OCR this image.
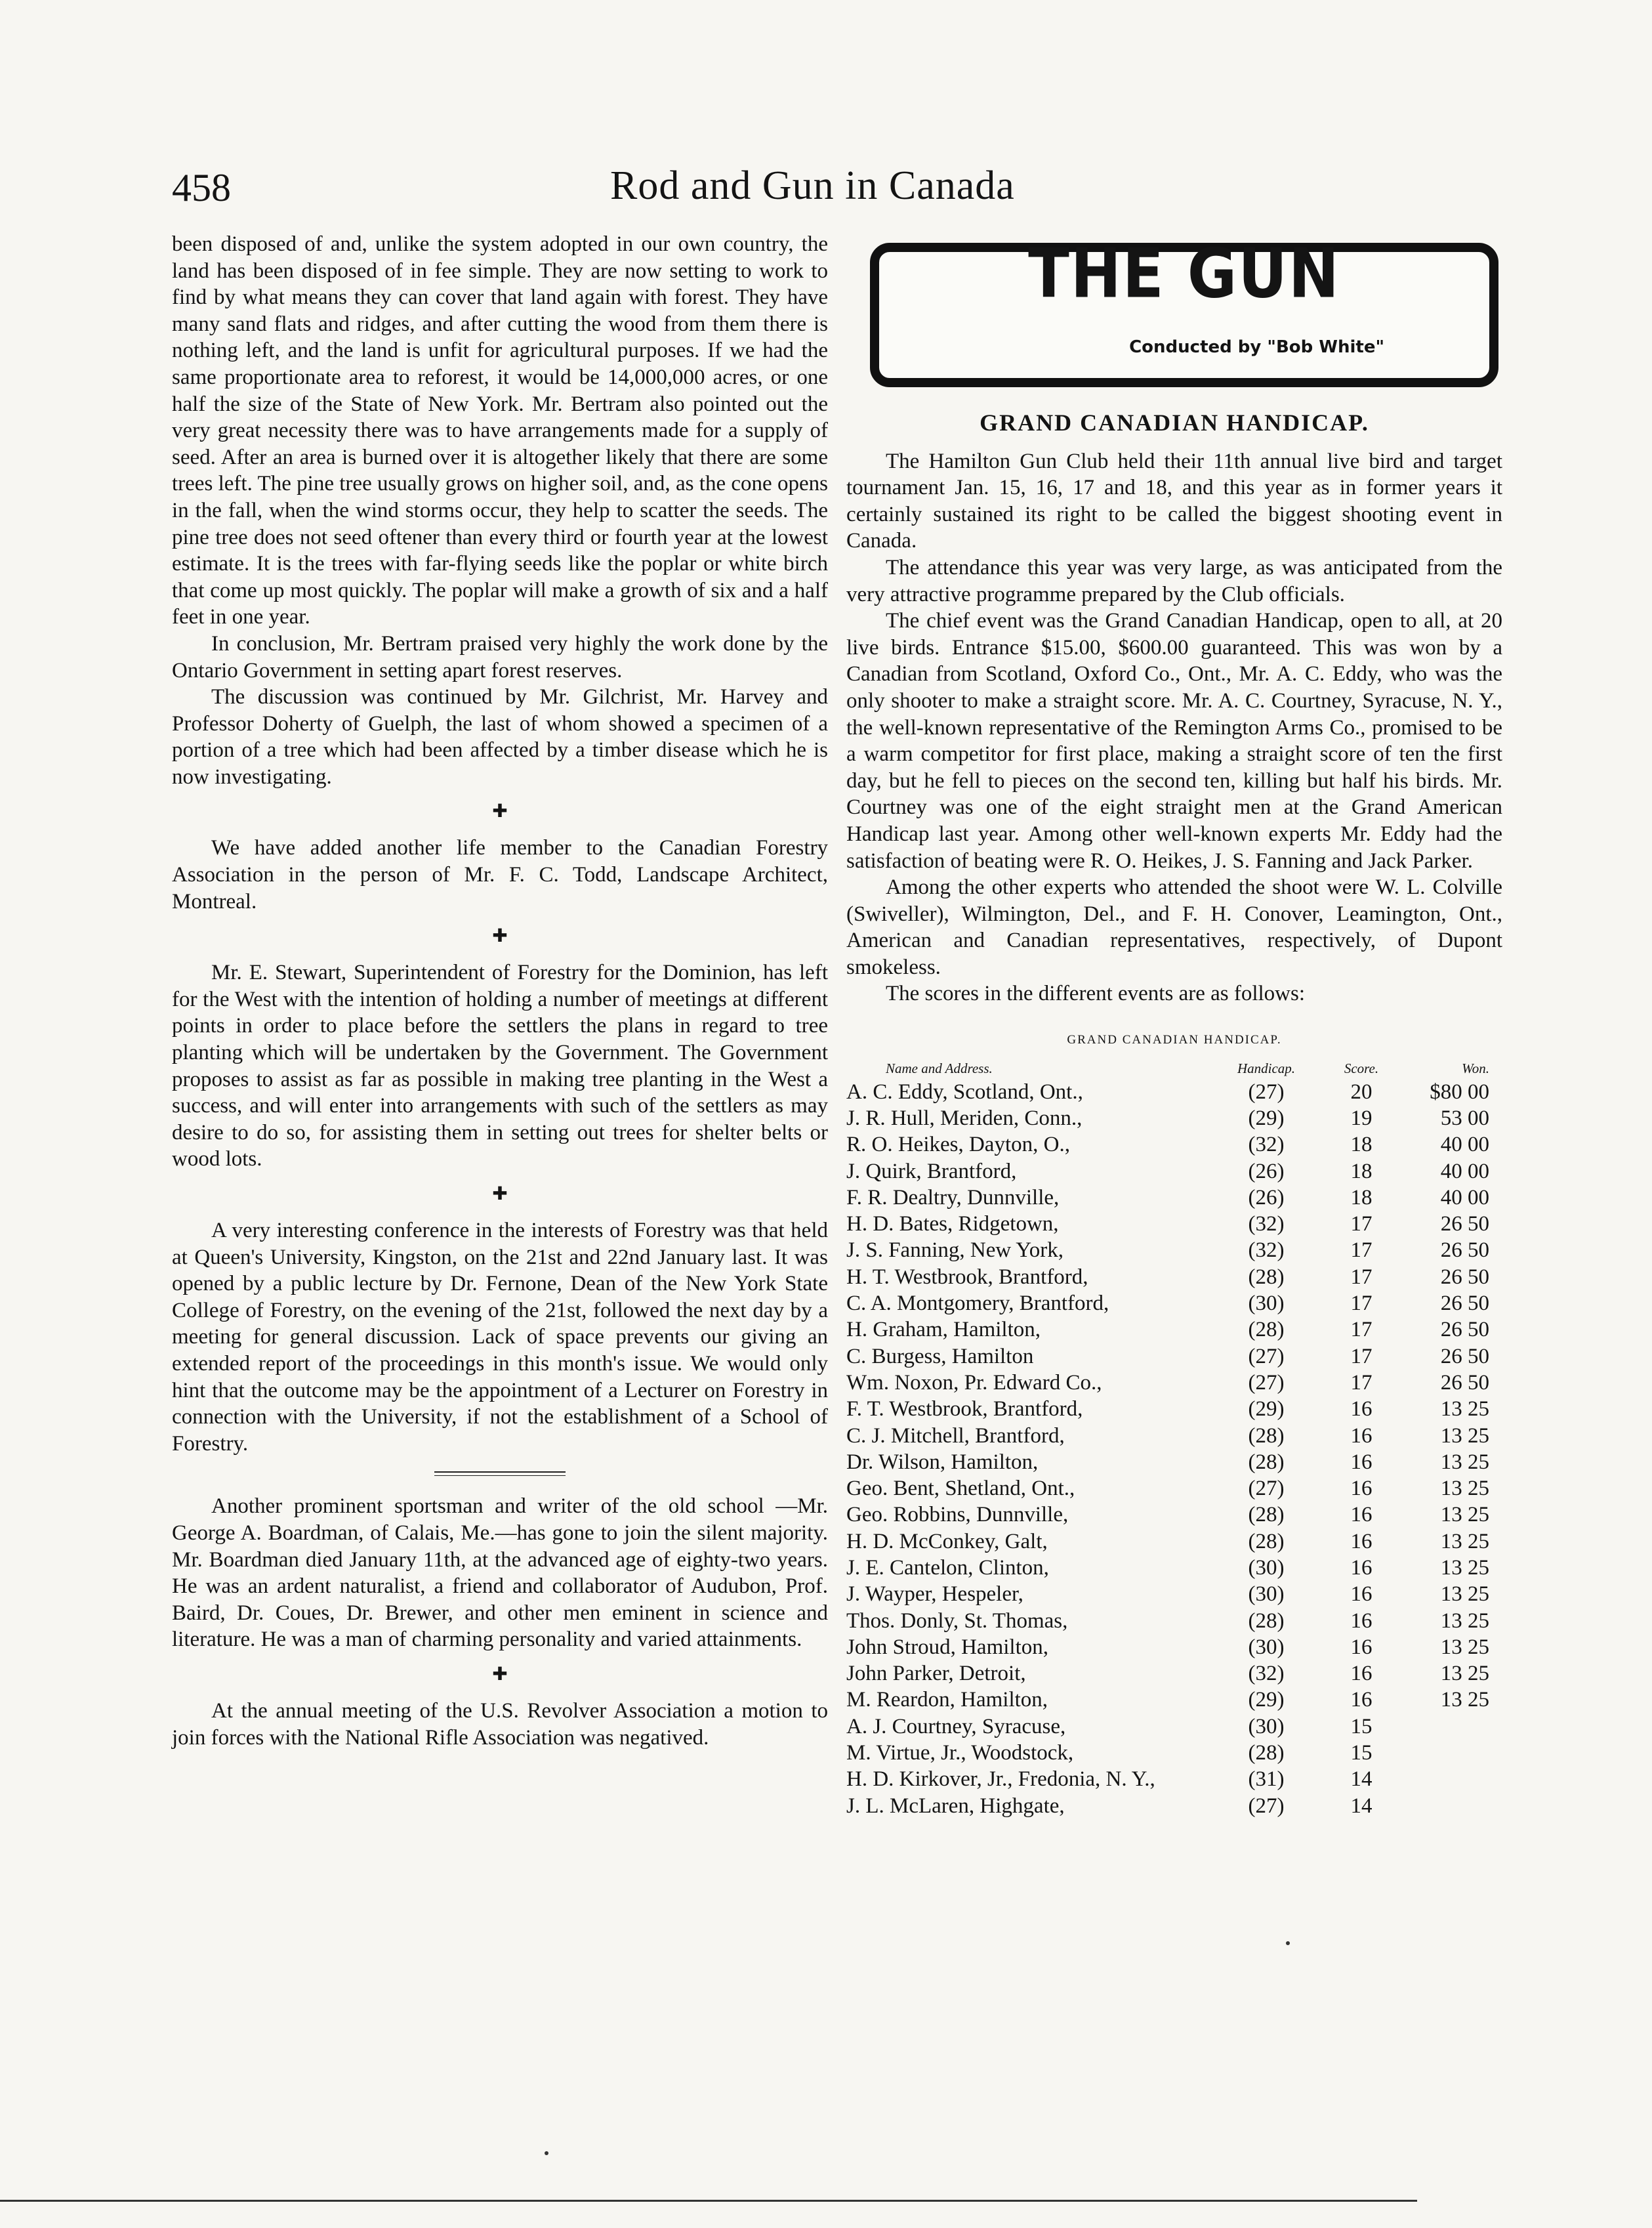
458	Rod and Gun in Canada

been disposed of and, unlike the system adopted in our own country, the land has been disposed of in fee simple. They are now setting to work to find by what means they can cover that land again with forest. They have many sand flats and ridges, and after cutting the wood from them there is nothing left, and the land is unfit for agricultural purposes. If we had the same proportionate area to reforest, it would be 14,000,000 acres, or one half the size of the State of New York. Mr. Bertram also pointed out the very great necessity there was to have arrangements made for a supply of seed. After an area is burned over it is altogether likely that there are some trees left. The pine tree usually grows on higher soil, and, as the cone opens in the fall, when the wind storms occur, they help to scatter the seeds. The pine tree does not seed oftener than every third or fourth year at the lowest estimate. It is the trees with far-flying seeds like the poplar or white birch that come up most quickly. The poplar will make a growth of six and a half feet in one year.

In conclusion, Mr. Bertram praised very highly the work done by the Ontario Government in setting apart forest reserves.

The discussion was continued by Mr. Gilchrist, Mr. Harvey and Professor Doherty of Guelph, the last of whom showed a specimen of a portion of a tree which had been affected by a timber disease which he is now investigating.

✚

We have added another life member to the Canadian Forestry Association in the person of Mr. F. C. Todd, Landscape Architect, Montreal.

✚

Mr. E. Stewart, Superintendent of Forestry for the Dominion, has left for the West with the intention of holding a number of meetings at different points in order to place before the settlers the plans in regard to tree planting which will be undertaken by the Government. The Government proposes to assist as far as possible in making tree planting in the West a success, and will enter into arrangements with such of the settlers as may desire to do so, for assisting them in setting out trees for shelter belts or wood lots.

✚

A very interesting conference in the interests of Forestry was that held at Queen's University, Kingston, on the 21st and 22nd January last. It was opened by a public lecture by Dr. Fernone, Dean of the New York State College of Forestry, on the evening of the 21st, followed the next day by a meeting for general discussion. Lack of space prevents our giving an extended report of the proceedings in this month's issue. We would only hint that the outcome may be the appointment of a Lecturer on Forestry in connection with the University, if not the establishment of a School of Forestry.

Another prominent sportsman and writer of the old school —Mr. George A. Boardman, of Calais, Me.—has gone to join the silent majority. Mr. Boardman died January 11th, at the advanced age of eighty-two years. He was an ardent naturalist, a friend and collaborator of Audubon, Prof. Baird, Dr. Coues, Dr. Brewer, and other men eminent in science and literature. He was a man of charming personality and varied attainments.

✚

At the annual meeting of the U.S. Revolver Association a motion to join forces with the National Rifle Association was negatived.

THE GUN
Conducted by "Bob White"
GRAND CANADIAN HANDICAP.

The Hamilton Gun Club held their 11th annual live bird and target tournament Jan. 15, 16, 17 and 18, and this year as in former years it certainly sustained its right to be called the biggest shooting event in Canada.

The attendance this year was very large, as was anticipated from the very attractive programme prepared by the Club officials.

The chief event was the Grand Canadian Handicap, open to all, at 20 live birds. Entrance $15.00, $600.00 guaranteed. This was won by a Canadian from Scotland, Oxford Co., Ont., Mr. A. C. Eddy, who was the only shooter to make a straight score. Mr. A. C. Courtney, Syracuse, N. Y., the well-known representative of the Remington Arms Co., promised to be a warm competitor for first place, making a straight score of ten the first day, but he fell to pieces on the second ten, killing but half his birds. Mr. Courtney was one of the eight straight men at the Grand American Handicap last year. Among other well-known experts Mr. Eddy had the satisfaction of beating were R. O. Heikes, J. S. Fanning and Jack Parker.

Among the other experts who attended the shoot were W. L. Colville (Swiveller), Wilmington, Del., and F. H. Conover, Leamington, Ont., American and Canadian representatives, respectively, of Dupont smokeless.

The scores in the different events are as follows:

GRAND CANADIAN HANDICAP.
Name and Address.	Handicap.	Score.	Won.
A. C. Eddy, Scotland, Ont.,	(27)	20	$80 00
J. R. Hull, Meriden, Conn.,	(29)	19	53 00
R. O. Heikes, Dayton, O.,	(32)	18	40 00
J. Quirk, Brantford,	(26)	18	40 00
F. R. Dealtry, Dunnville,	(26)	18	40 00
H. D. Bates, Ridgetown,	(32)	17	26 50
J. S. Fanning, New York,	(32)	17	26 50
H. T. Westbrook, Brantford,	(28)	17	26 50
C. A. Montgomery, Brantford,	(30)	17	26 50
H. Graham, Hamilton,	(28)	17	26 50
C. Burgess, Hamilton	(27)	17	26 50
Wm. Noxon, Pr. Edward Co.,	(27)	17	26 50
F. T. Westbrook, Brantford,	(29)	16	13 25
C. J. Mitchell, Brantford,	(28)	16	13 25
Dr. Wilson, Hamilton,	(28)	16	13 25
Geo. Bent, Shetland, Ont.,	(27)	16	13 25
Geo. Robbins, Dunnville,	(28)	16	13 25
H. D. McConkey, Galt,	(28)	16	13 25
J. E. Cantelon, Clinton,	(30)	16	13 25
J. Wayper, Hespeler,	(30)	16	13 25
Thos. Donly, St. Thomas,	(28)	16	13 25
John Stroud, Hamilton,	(30)	16	13 25
John Parker, Detroit,	(32)	16	13 25
M. Reardon, Hamilton,	(29)	16	13 25
A. J. Courtney, Syracuse,	(30)	15	
M. Virtue, Jr., Woodstock,	(28)	15	
H. D. Kirkover, Jr., Fredonia, N. Y.,	(31)	14	
J. L. McLaren, Highgate,	(27)	14	
